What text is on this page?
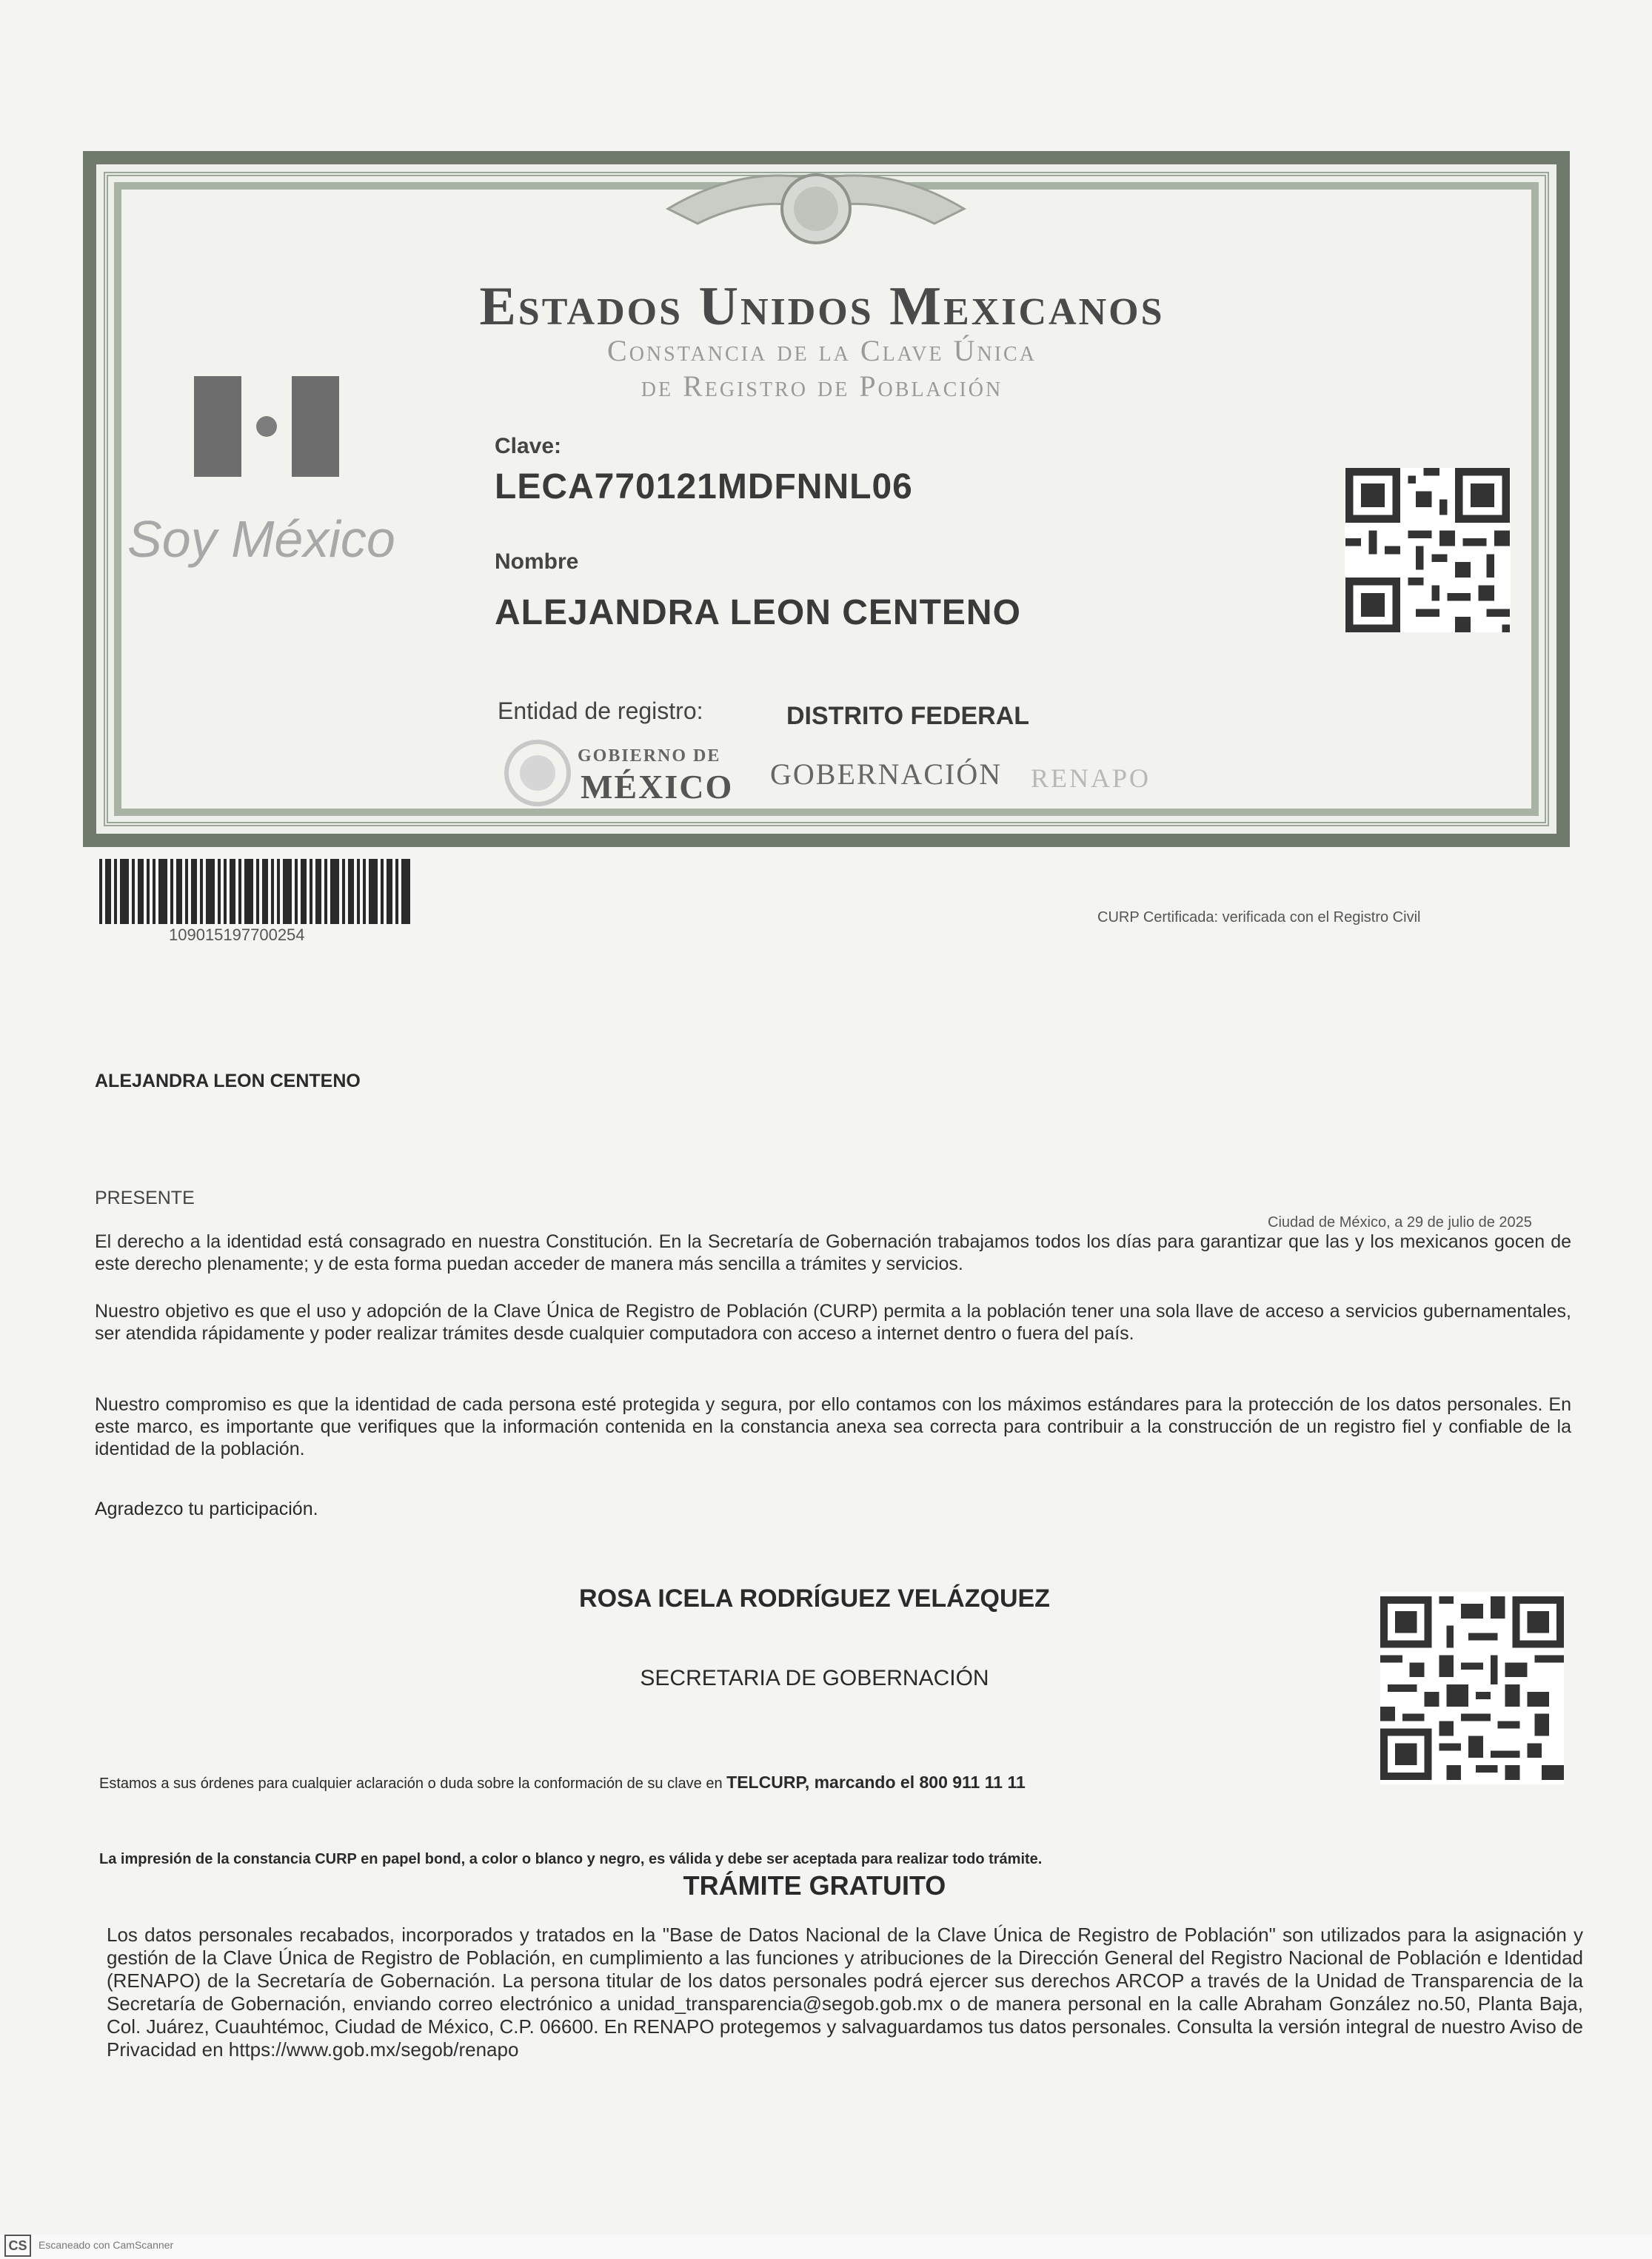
Estados Unidos Mexicanos
Constancia de la Clave Única
de Registro de Población
Soy México
Clave:
LECA770121MDFNNL06
Nombre
ALEJANDRA LEON CENTENO
Entidad de registro:	DISTRITO FEDERAL
GOBIERNO DE
MÉXICO GOBERNACIÓN RENAPO
109015197700254
CURP Certificada: verificada con el Registro Civil
ALEJANDRA LEON CENTENO
PRESENTE
Ciudad de México, a 29 de julio de 2025
El derecho a la identidad está consagrado en nuestra Constitución. En la Secretaría de Gobernación trabajamos todos los días para garantizar que las y los mexicanos gocen de este derecho plenamente; y de esta forma puedan acceder de manera más sencilla a trámites y servicios.
Nuestro objetivo es que el uso y adopción de la Clave Única de Registro de Población (CURP) permita a la población tener una sola llave de acceso a servicios gubernamentales, ser atendida rápidamente y poder realizar trámites desde cualquier computadora con acceso a internet dentro o fuera del país.
Nuestro compromiso es que la identidad de cada persona esté protegida y segura, por ello contamos con los máximos estándares para la protección de los datos personales. En este marco, es importante que verifiques que la información contenida en la constancia anexa sea correcta para contribuir a la construcción de un registro fiel y confiable de la identidad de la población.
Agradezco tu participación.
ROSA ICELA RODRÍGUEZ VELÁZQUEZ
SECRETARIA DE GOBERNACIÓN
Estamos a sus órdenes para cualquier aclaración o duda sobre la conformación de su clave en TELCURP, marcando el 800 911 11 11
La impresión de la constancia CURP en papel bond, a color o blanco y negro, es válida y debe ser aceptada para realizar todo trámite.
TRÁMITE GRATUITO
Los datos personales recabados, incorporados y tratados en la "Base de Datos Nacional de la Clave Única de Registro de Población" son utilizados para la asignación y gestión de la Clave Única de Registro de Población, en cumplimiento a las funciones y atribuciones de la Dirección General del Registro Nacional de Población e Identidad (RENAPO) de la Secretaría de Gobernación. La persona titular de los datos personales podrá ejercer sus derechos ARCOP a través de la Unidad de Transparencia de la Secretaría de Gobernación, enviando correo electrónico a unidad_transparencia@segob.gob.mx o de manera personal en la calle Abraham González no.50, Planta Baja, Col. Juárez, Cuauhtémoc, Ciudad de México, C.P. 06600. En RENAPO protegemos y salvaguardamos tus datos personales. Consulta la versión integral de nuestro Aviso de Privacidad en https://www.gob.mx/segob/renapo
CS	Escaneado con CamScanner
